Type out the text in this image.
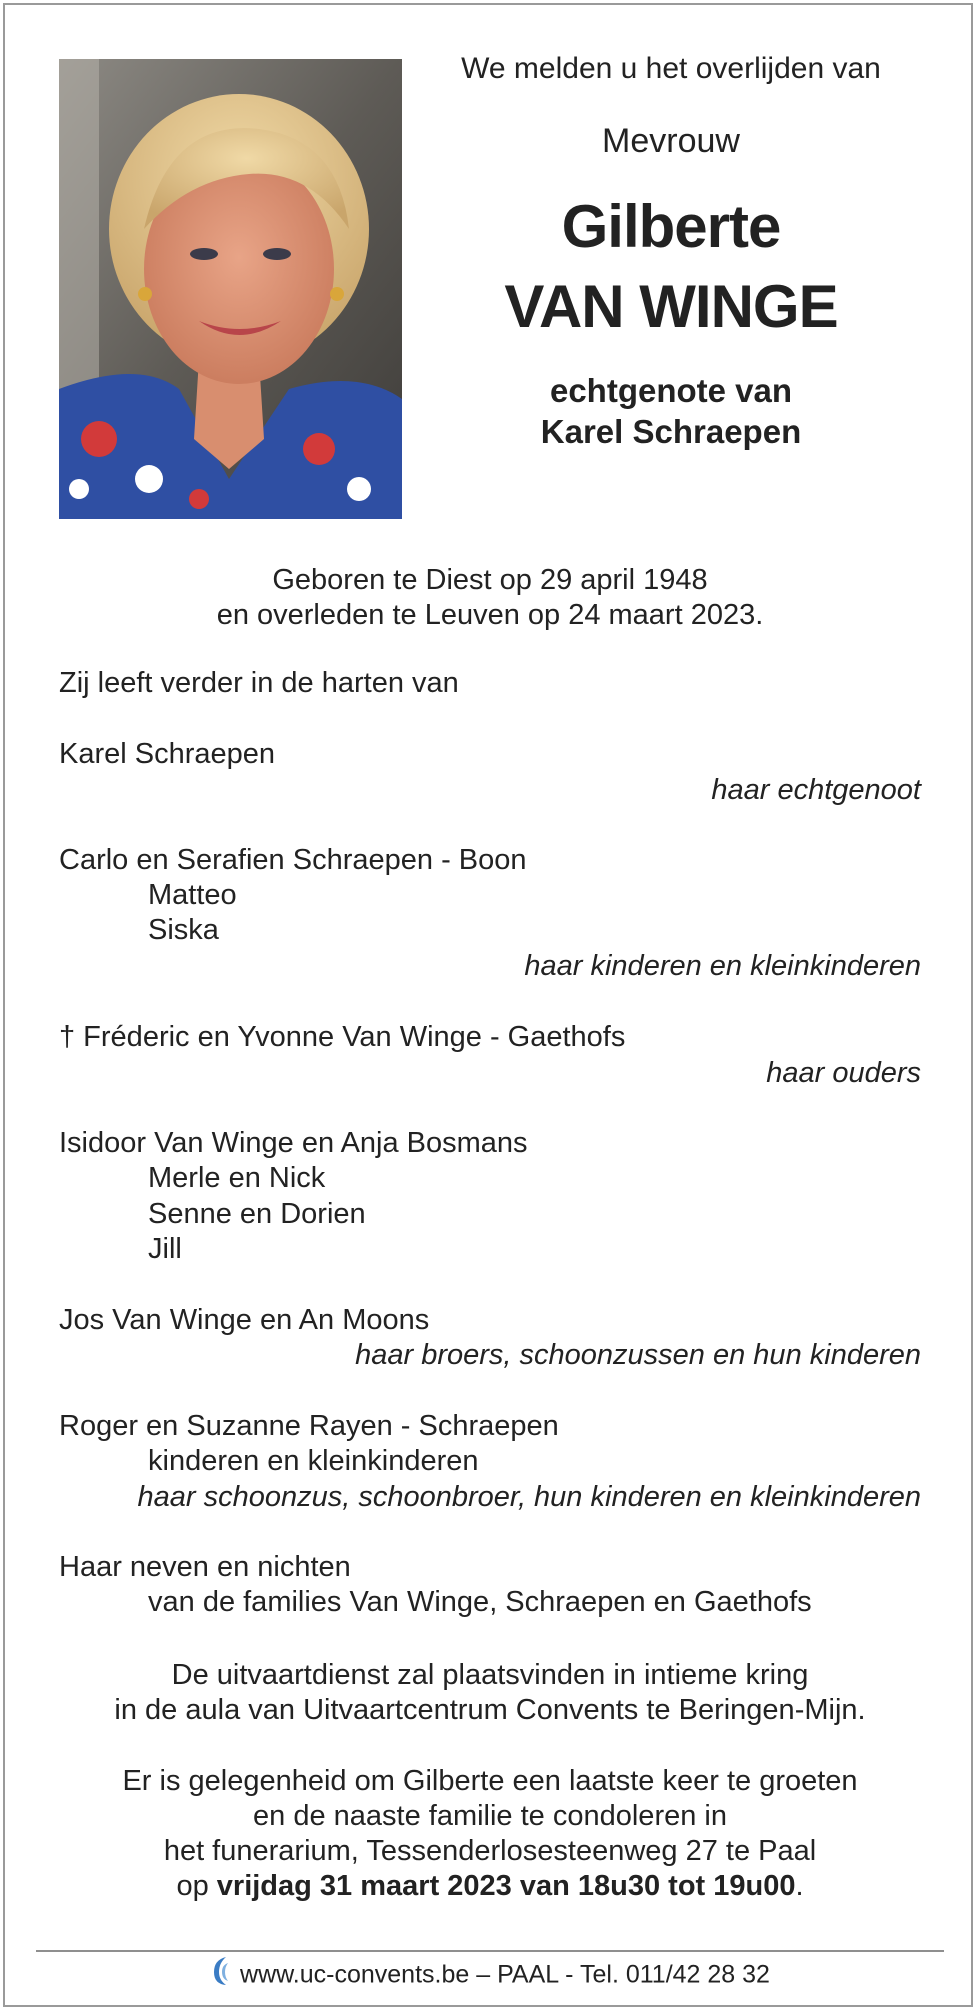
We melden u het overlijden van
Mevrouw
Gilberte
VAN WINGE
echtgenote van
Karel Schraepen
Geboren te Diest op 29 april 1948
en overleden te Leuven op 24 maart 2023.
Zij leeft verder in de harten van
Karel Schraepen
haar echtgenoot
Carlo en Serafien Schraepen - Boon
Matteo
Siska
haar kinderen en kleinkinderen
† Fréderic en Yvonne Van Winge - Gaethofs
haar ouders
Isidoor Van Winge en Anja Bosmans
Merle en Nick
Senne en Dorien
Jill
Jos Van Winge en An Moons
haar broers, schoonzussen en hun kinderen
Roger en Suzanne Rayen - Schraepen
kinderen en kleinkinderen
haar schoonzus, schoonbroer, hun kinderen en kleinkinderen
Haar neven en nichten
van de families Van Winge, Schraepen en Gaethofs
De uitvaartdienst zal plaatsvinden in intieme kring
in de aula van Uitvaartcentrum Convents te Beringen-Mijn.
Er is gelegenheid om Gilberte een laatste keer te groeten
en de naaste familie te condoleren in
het funerarium, Tessenderlosesteenweg 27 te Paal
op vrijdag 31 maart 2023 van 18u30 tot 19u00.
www.uc-convents.be – PAAL - Tel. 011/42 28 32
